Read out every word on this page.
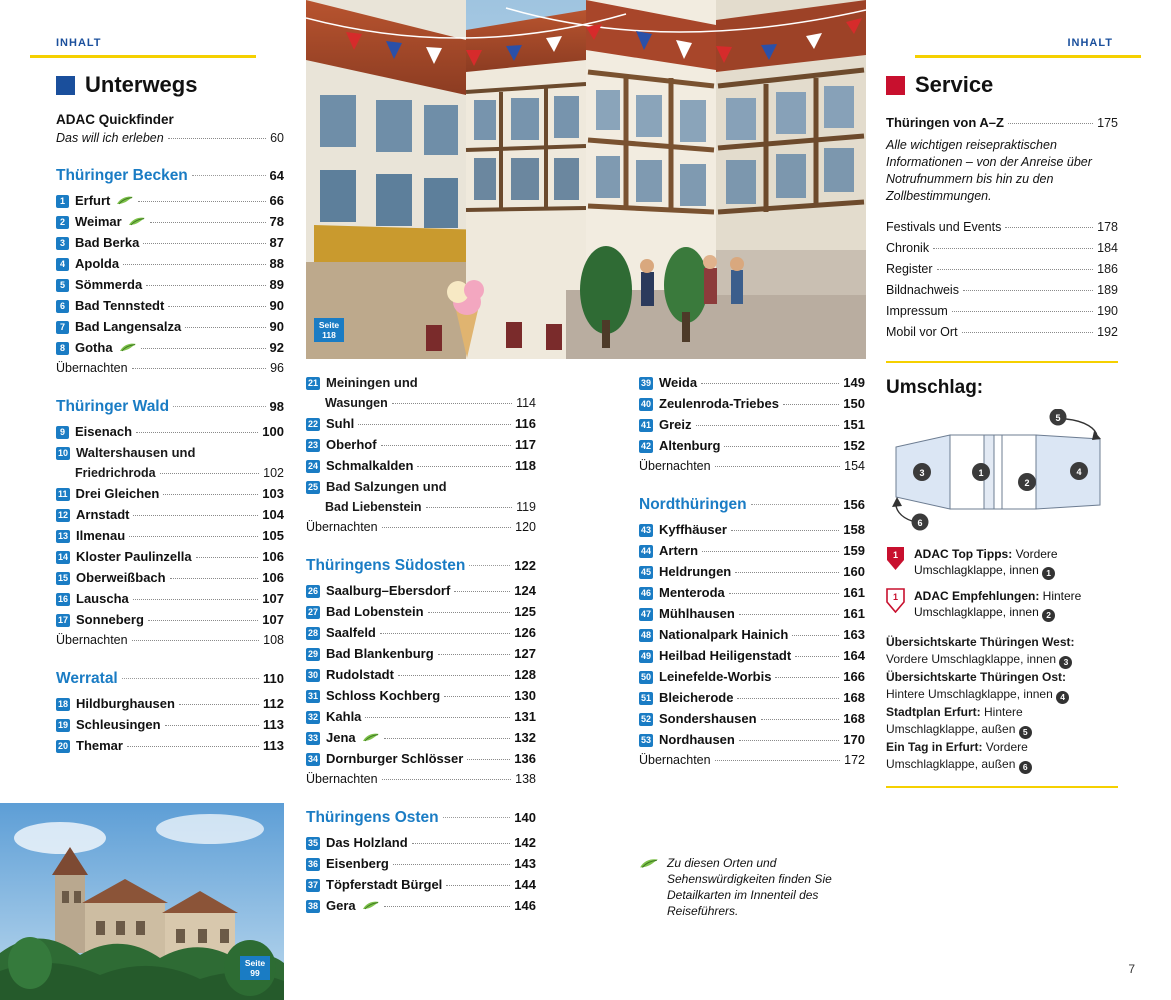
INHALT	INHALT
Seite
118
Seite
99
Unterwegs
ADAC Quickfinder
Das will ich erleben	60
Thüringer Becken	64
1 Erfurt	66
2 Weimar	78
3 Bad Berka	87
4 Apolda	88
5 Sömmerda	89
6 Bad Tennstedt	90
7 Bad Langensalza	90
8 Gotha	92
Übernachten	96
Thüringer Wald	98
9 Eisenach	100
10 Waltershausen und
Friedrichroda	102
11 Drei Gleichen	103
12 Arnstadt	104
13 Ilmenau	105
14 Kloster Paulinzella	106
15 Oberweißbach	106
16 Lauscha	107
17 Sonneberg	107
Übernachten	108
Werratal	110
18 Hildburghausen	112
19 Schleusingen	113
20 Themar	113
21 Meiningen und
Wasungen	114
22 Suhl	116
23 Oberhof	117
24 Schmalkalden	118
25 Bad Salzungen und
Bad Liebenstein	119
Übernachten	120
Thüringens Südosten	122
26 Saalburg–Ebersdorf	124
27 Bad Lobenstein	125
28 Saalfeld	126
29 Bad Blankenburg	127
30 Rudolstadt	128
31 Schloss Kochberg	130
32 Kahla	131
33 Jena	132
34 Dornburger Schlösser	136
Übernachten	138
Thüringens Osten	140
35 Das Holzland	142
36 Eisenberg	143
37 Töpferstadt Bürgel	144
38 Gera	146
39 Weida	149
40 Zeulenroda-Triebes	150
41 Greiz	151
42 Altenburg	152
Übernachten	154
Nordthüringen	156
43 Kyffhäuser	158
44 Artern	159
45 Heldrungen	160
46 Menteroda	161
47 Mühlhausen	161
48 Nationalpark Hainich	163
49 Heilbad Heiligenstadt	164
50 Leinefelde-Worbis	166
51 Bleicherode	168
52 Sondershausen	168
53 Nordhausen	170
Übernachten	172
Zu diesen Orten und Sehenswürdigkeiten finden Sie Detailkarten im Innenteil des Reiseführers.
Service
Thüringen von A–Z	175
Alle wichtigen reisepraktischen Informationen – von der Anreise über Notrufnummern bis hin zu den Zollbestimmungen.
Festivals und Events	178
Chronik	184
Register	186
Bildnachweis	189
Impressum	190
Mobil vor Ort	192
Umschlag:
3	1
2
4
5
6
1 ADAC Top Tipps: Vordere Umschlagklappe, innen 1
1 ADAC Empfehlungen: Hintere Umschlagklappe, innen 2

Übersichtskarte Thüringen West:
Vordere Umschlagklappe, innen 3

Übersichtskarte Thüringen Ost:
Hintere Umschlagklappe, innen 4

Stadtplan Erfurt: Hintere Umschlagklappe, außen 5

Ein Tag in Erfurt: Vordere Umschlagklappe, außen 6

7
